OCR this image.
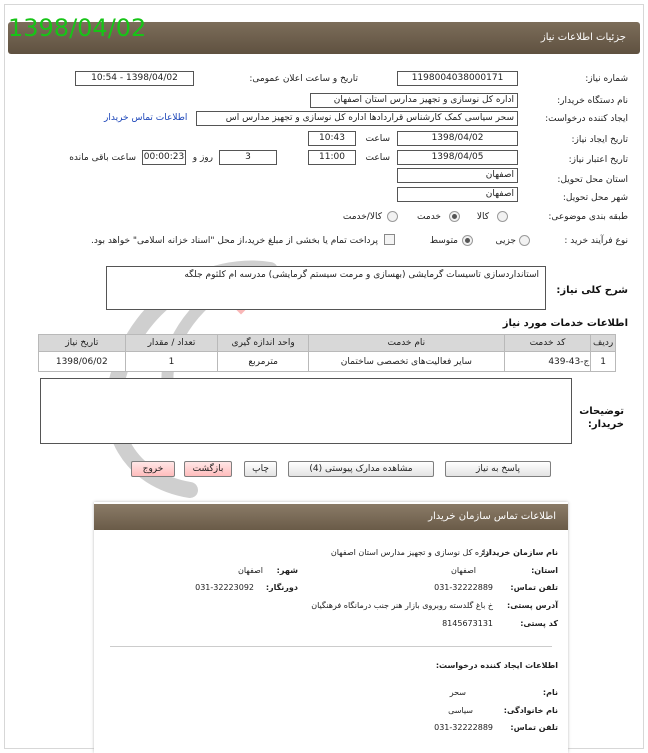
1398/04/02	جزئیات اطلاعات نیاز
شماره نیاز:
1198004038000171
تاریخ و ساعت اعلان عمومی:
1398/04/02 - 10:54
نام دستگاه خریدار:
اداره کل نوسازی و تجهیز مدارس استان اصفهان
ایجاد کننده درخواست:
سحر سیاسی کمک کارشناس قراردادها اداره کل نوسازی و تجهیز مدارس اس
اطلاعات تماس خریدار
تاریخ ایجاد نیاز:
1398/04/02
ساعت
10:43
تاریخ اعتبار نیاز:
1398/04/05
ساعت
11:00
3
روز و
00:00:23
ساعت باقی مانده
استان محل تحویل:
اصفهان
شهر محل تحویل:
اصفهان
طبقه بندی موضوعی:
کالا
خدمت
کالا/خدمت
نوع فرآیند خرید :
جزیی
متوسط
پرداخت تمام یا بخشی از مبلغ خرید،از محل "اسناد خزانه اسلامی" خواهد بود.
شرح کلی نیاز:
استانداردسازی تاسیسات گرمایشی (بهسازی و مرمت سیستم گرمایشی) مدرسه ام کلثوم جلگه
اطلاعات خدمات مورد نیاز
ردیف	کد خدمت	نام خدمت	واحد اندازه گیری	تعداد / مقدار	تاریخ نیاز
1	ج-43-439	سایر فعالیت‌های تخصصی ساختمان	مترمربع	1	1398/06/02
توضیحات خریدار:
پاسخ به نیاز
مشاهده مدارک پیوستی (4)
چاپ
بازگشت
خروج
اطلاعات تماس سازمان خریدار
نام سازمان خریدار:
اداره کل نوسازی و تجهیز مدارس استان اصفهان
استان:
اصفهان
شهر:
اصفهان
تلفن تماس:
031-32222889
دورنگار:
031-32223092
آدرس پستی:
خ باغ گلدسته روبروی بازار هنر جنب درمانگاه فرهنگیان
کد پستی:
8145673131
اطلاعات ایجاد کننده درخواست:
نام:
سحر
نام خانوادگی:
سیاسی
تلفن تماس:
031-32222889
